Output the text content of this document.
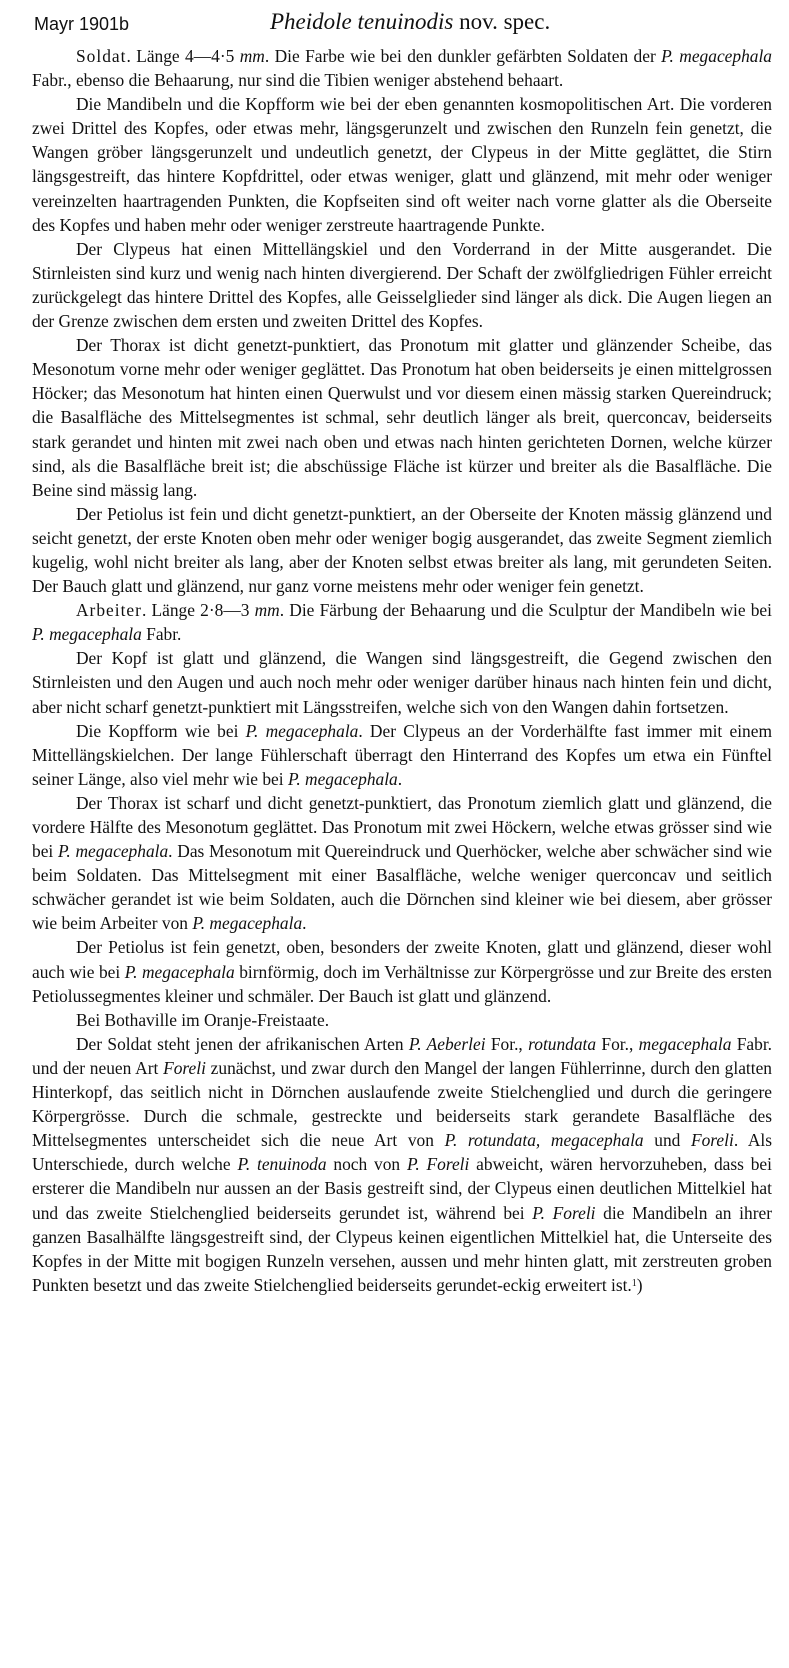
Mayr 1901b	Pheidole tenuinodis nov. spec.

Soldat. Länge 4—4·5 mm. Die Farbe wie bei den dunkler gefärbten Soldaten der P. megacephala Fabr., ebenso die Behaarung, nur sind die Tibien weniger abstehend behaart.

Die Mandibeln und die Kopfform wie bei der eben genannten kosmopolitischen Art. Die vorderen zwei Drittel des Kopfes, oder etwas mehr, längsgerunzelt und zwischen den Runzeln fein genetzt, die Wangen gröber längsgerunzelt und undeutlich genetzt, der Clypeus in der Mitte geglättet, die Stirn längsgestreift, das hintere Kopfdrittel, oder etwas weniger, glatt und glänzend, mit mehr oder weniger vereinzelten haartragenden Punkten, die Kopfseiten sind oft weiter nach vorne glatter als die Oberseite des Kopfes und haben mehr oder weniger zerstreute haartragende Punkte.

Der Clypeus hat einen Mittellängskiel und den Vorderrand in der Mitte ausgerandet. Die Stirnleisten sind kurz und wenig nach hinten divergierend. Der Schaft der zwölfgliedrigen Fühler erreicht zurückgelegt das hintere Drittel des Kopfes, alle Geisselglieder sind länger als dick. Die Augen liegen an der Grenze zwischen dem ersten und zweiten Drittel des Kopfes.

Der Thorax ist dicht genetzt-punktiert, das Pronotum mit glatter und glänzender Scheibe, das Mesonotum vorne mehr oder weniger geglättet. Das Pronotum hat oben beiderseits je einen mittelgrossen Höcker; das Mesonotum hat hinten einen Querwulst und vor diesem einen mässig starken Quereindruck; die Basalfläche des Mittelsegmentes ist schmal, sehr deutlich länger als breit, querconcav, beiderseits stark gerandet und hinten mit zwei nach oben und etwas nach hinten gerichteten Dornen, welche kürzer sind, als die Basalfläche breit ist; die abschüssige Fläche ist kürzer und breiter als die Basalfläche. Die Beine sind mässig lang.

Der Petiolus ist fein und dicht genetzt-punktiert, an der Oberseite der Knoten mässig glänzend und seicht genetzt, der erste Knoten oben mehr oder weniger bogig ausgerandet, das zweite Segment ziemlich kugelig, wohl nicht breiter als lang, aber der Knoten selbst etwas breiter als lang, mit gerundeten Seiten. Der Bauch glatt und glänzend, nur ganz vorne meistens mehr oder weniger fein genetzt.

Arbeiter. Länge 2·8—3 mm. Die Färbung der Behaarung und die Sculptur der Mandibeln wie bei P. megacephala Fabr.

Der Kopf ist glatt und glänzend, die Wangen sind längsgestreift, die Gegend zwischen den Stirnleisten und den Augen und auch noch mehr oder weniger darüber hinaus nach hinten fein und dicht, aber nicht scharf genetzt-punktiert mit Längsstreifen, welche sich von den Wangen dahin fortsetzen.

Die Kopfform wie bei P. megacephala. Der Clypeus an der Vorderhälfte fast immer mit einem Mittellängskielchen. Der lange Fühlerschaft überragt den Hinterrand des Kopfes um etwa ein Fünftel seiner Länge, also viel mehr wie bei P. megacephala.

Der Thorax ist scharf und dicht genetzt-punktiert, das Pronotum ziemlich glatt und glänzend, die vordere Hälfte des Mesonotum geglättet. Das Pronotum mit zwei Höckern, welche etwas grösser sind wie bei P. megacephala. Das Mesonotum mit Quereindruck und Querhöcker, welche aber schwächer sind wie beim Soldaten. Das Mittelsegment mit einer Basalfläche, welche weniger querconcav und seitlich schwächer gerandet ist wie beim Soldaten, auch die Dörnchen sind kleiner wie bei diesem, aber grösser wie beim Arbeiter von P. megacephala.

Der Petiolus ist fein genetzt, oben, besonders der zweite Knoten, glatt und glänzend, dieser wohl auch wie bei P. megacephala birnförmig, doch im Verhältnisse zur Körpergrösse und zur Breite des ersten Petiolussegmentes kleiner und schmäler. Der Bauch ist glatt und glänzend.

Bei Bothaville im Oranje-Freistaate.

Der Soldat steht jenen der afrikanischen Arten P. Aeberlei For., rotundata For., megacephala Fabr. und der neuen Art Foreli zunächst, und zwar durch den Mangel der langen Fühlerrinne, durch den glatten Hinterkopf, das seitlich nicht in Dörnchen auslaufende zweite Stielchenglied und durch die geringere Körpergrösse. Durch die schmale, gestreckte und beiderseits stark gerandete Basalfläche des Mittelsegmentes unterscheidet sich die neue Art von P. rotundata, megacephala und Foreli. Als Unterschiede, durch welche P. tenuinoda noch von P. Foreli abweicht, wären hervorzuheben, dass bei ersterer die Mandibeln nur aussen an der Basis gestreift sind, der Clypeus einen deutlichen Mittelkiel hat und das zweite Stielchenglied beiderseits gerundet ist, während bei P. Foreli die Mandibeln an ihrer ganzen Basalhälfte längsgestreift sind, der Clypeus keinen eigentlichen Mittelkiel hat, die Unterseite des Kopfes in der Mitte mit bogigen Runzeln versehen, aussen und mehr hinten glatt, mit zerstreuten groben Punkten besetzt und das zweite Stielchenglied beiderseits gerundet-eckig erweitert ist.$^1$)
